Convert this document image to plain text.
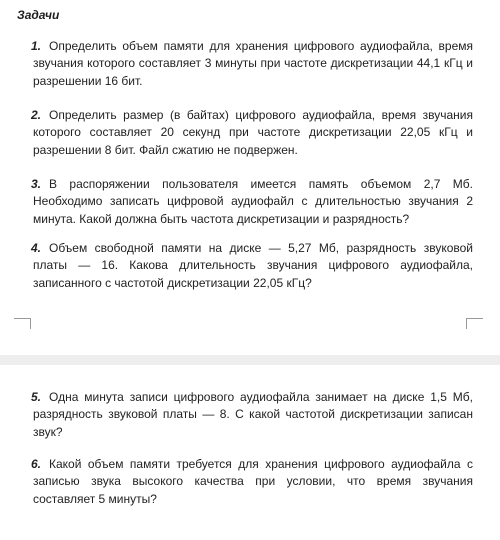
Задачи
1. Определить объем памяти для хранения цифрового аудиофайла, время звучания которого составляет 3 минуты при частоте дискретизации 44,1 кГц и разрешении 16 бит.
2. Определить размер (в байтах) цифрового аудиофайла, время звучания которого составляет 20 секунд при частоте дискретизации 22,05 кГц и разрешении 8 бит. Файл сжатию не подвержен.
3. В распоряжении пользователя имеется память объемом 2,7 Мб. Необходимо записать цифровой аудиофайл с длительностью звучания 2 минута. Какой должна быть частота дискретизации и разрядность?
4. Объем свободной памяти на диске — 5,27 Мб, разрядность звуковой платы — 16. Какова длительность звучания цифрового аудиофайла, записанного с частотой дискретизации 22,05 кГц?
5. Одна минута записи цифрового аудиофайла занимает на диске 1,5 Мб, разрядность звуковой платы — 8. С какой частотой дискретизации записан звук?
6. Какой объем памяти требуется для хранения цифрового аудиофайла с записью звука высокого качества при условии, что время звучания составляет 5 минуты?
